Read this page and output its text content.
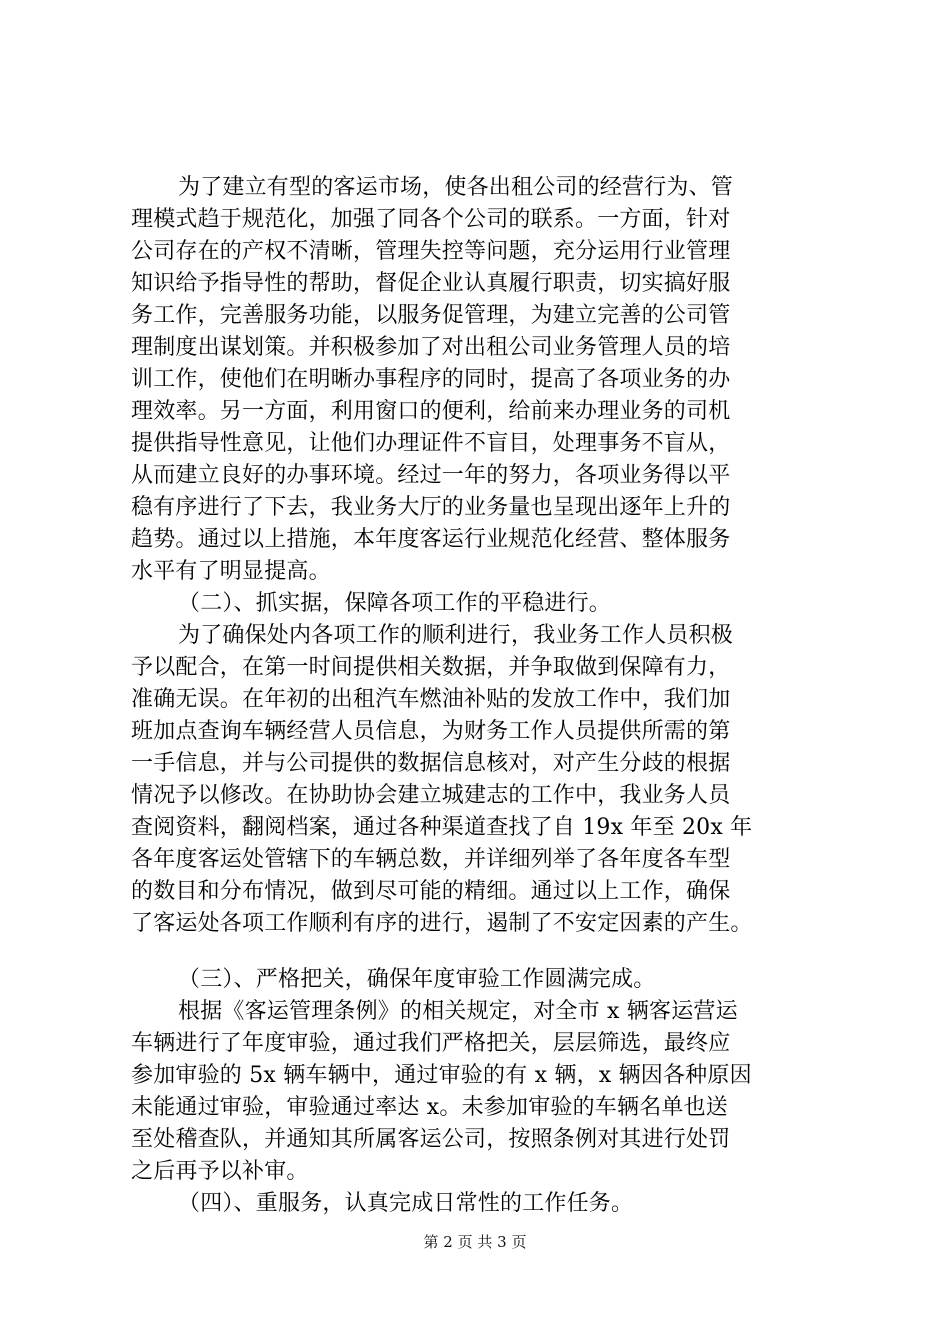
为了建立有型的客运市场，使各出租公司的经营行为、管
理模式趋于规范化，加强了同各个公司的联系。一方面，针对
公司存在的产权不清晰，管理失控等问题，充分运用行业管理
知识给予指导性的帮助，督促企业认真履行职责，切实搞好服
务工作，完善服务功能，以服务促管理，为建立完善的公司管
理制度出谋划策。并积极参加了对出租公司业务管理人员的培
训工作，使他们在明晰办事程序的同时，提高了各项业务的办
理效率。另一方面，利用窗口的便利，给前来办理业务的司机
提供指导性意见，让他们办理证件不盲目，处理事务不盲从，
从而建立良好的办事环境。经过一年的努力，各项业务得以平
稳有序进行了下去，我业务大厅的业务量也呈现出逐年上升的
趋势。通过以上措施，本年度客运行业规范化经营、整体服务
水平有了明显提高。
（二）、抓实据，保障各项工作的平稳进行。
为了确保处内各项工作的顺利进行，我业务工作人员积极
予以配合，在第一时间提供相关数据，并争取做到保障有力，
准确无误。在年初的出租汽车燃油补贴的发放工作中，我们加
班加点查询车辆经营人员信息，为财务工作人员提供所需的第
一手信息，并与公司提供的数据信息核对，对产生分歧的根据
情况予以修改。在协助协会建立城建志的工作中，我业务人员
查阅资料，翻阅档案，通过各种渠道查找了自 19x 年至 20x 年
各年度客运处管辖下的车辆总数，并详细列举了各年度各车型
的数目和分布情况，做到尽可能的精细。通过以上工作，确保
了客运处各项工作顺利有序的进行，遏制了不安定因素的产生。
（三）、严格把关，确保年度审验工作圆满完成。
根据《客运管理条例》的相关规定，对全市 x 辆客运营运
车辆进行了年度审验，通过我们严格把关，层层筛选，最终应
参加审验的 5x 辆车辆中，通过审验的有 x 辆，x 辆因各种原因
未能通过审验，审验通过率达 x。未参加审验的车辆名单也送
至处稽查队，并通知其所属客运公司，按照条例对其进行处罚
之后再予以补审。
（四）、重服务，认真完成日常性的工作任务。
第 2 页 共 3 页
